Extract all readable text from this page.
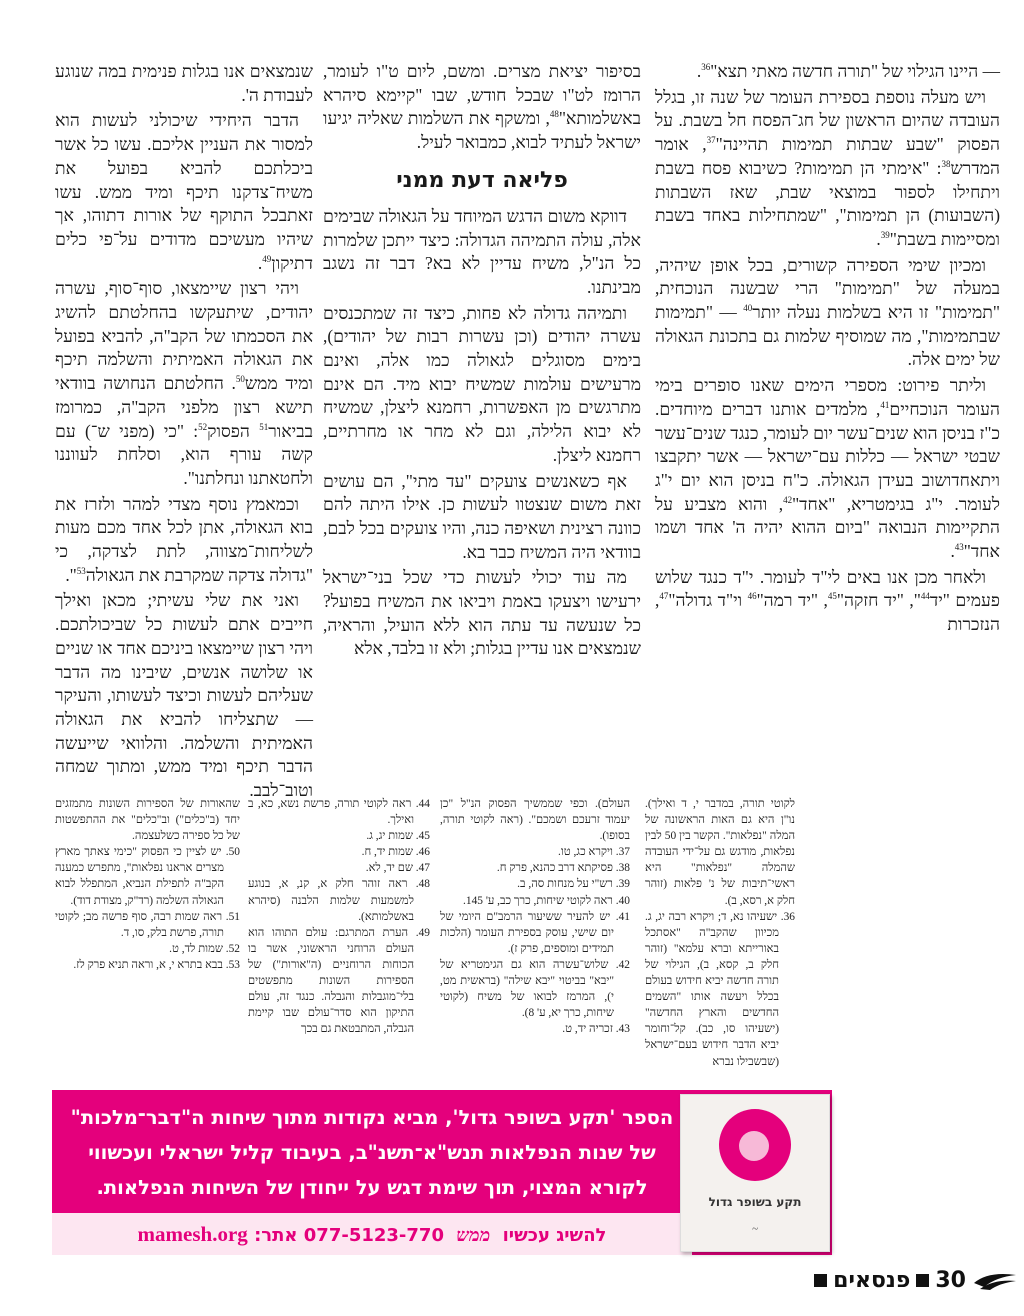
— היינו הגילוי של "תורה חדשה מאתי תצא"$^{36}$.

ויש מעלה נוספת בספירת העומר של שנה זו, בגלל העובדה שהיום הראשון של חג־הפסח חל בשבת. על הפסוק "שבע שבתות תמימות תהיינה"$^{37}$, אומר המדרש$^{38}$: "אימתי הן תמימות? כשיבוא פסח בשבת ויתחילו לספור במוצאי שבת, שאז השבתות (השבועות) הן תמימות", "שמתחילות באחד בשבת ומסיימות בשבת"$^{39}$.

ומכיון שימי הספירה קשורים, בכל אופן שיהיה, במעלה של "תמימות" הרי שבשנה הנוכחית, "תמימות" זו היא בשלמות נעלה יותר$^{40}$ — "תמימות שבתמימות", מה שמוסיף שלמות גם בתכונת הגאולה של ימים אלה.

וליתר פירוט: מספרי הימים שאנו סופרים בימי העומר הנוכחיים$^{41}$, מלמדים אותנו דברים מיוחדים. כ"ז בניסן הוא שנים־עשר יום לעומר, כנגד שנים־עשר שבטי ישראל — כללות עם־ישראל — אשר יתקבצו ויתאחדושוב בעידן הגאולה. כ"ח בניסן הוא יום י"ג לעומר. י"ג בגימטריא, "אחד"$^{42}$, והוא מצביע על התקיימות הנבואה "ביום ההוא יהיה ה' אחד ושמו אחד"$^{43}$.

ולאחר מכן אנו באים לי"ד לעומר. י"ד כנגד שלוש פעמים "יד$^{44}$", "יד חזקה"$^{45}$, "יד רמה"$^{46}$ וי"ד גדולה"$^{47}$, הנזכרות

בסיפור יציאת מצרים. ומשם, ליום ט"ו לעומר, הרומז לט"ו שבכל חודש, שבו "קיימא סיהרא באשלמותא"$^{48}$, ומשקף את השלמות שאליה יגיעו ישראל לעתיד לבוא, כמבואר לעיל.

פליאה דעת ממני

דווקא משום הדגש המיוחד על הגאולה שבימים אלה, עולה התמיהה הגדולה: כיצד ייתכן שלמרות כל הנ"ל, משיח עדיין לא בא? דבר זה נשגב מבינתנו.

ותמיהה גדולה לא פחות, כיצד זה שמתכנסים עשרה יהודים (וכן עשרות רבות של יהודים), בימים מסוגלים לגאולה כמו אלה, ואינם מרעישים עולמות שמשיח יבוא מיד. הם אינם מתרגשים מן האפשרות, רחמנא ליצלן, שמשיח לא יבוא הלילה, וגם לא מחר או מחרתיים, רחמנא ליצלן.

אף כשאנשים צועקים "עד מתי", הם עושים זאת משום שנצטוו לעשות כן. אילו היתה להם כוונה רצינית ושאיפה כנה, והיו צועקים בכל לבם, בוודאי היה המשיח כבר בא.

מה עוד יכולי לעשות כדי שכל בני־ישראל ירעישו ויצעקו באמת ויביאו את המשיח בפועל? כל שנעשה עד עתה הוא ללא הועיל, והראיה, שנמצאים אנו עדיין בגלות; ולא זו בלבד, אלא

שנמצאים אנו בגלות פנימית במה שנוגע לעבודת ה'.

הדבר היחידי שיכולני לעשות הוא למסור את העניין אליכם. עשו כל אשר ביכלתכם להביא בפועל את משיח־צדקנו תיכף ומיד ממש. עשו זאתבכל התוקף של אורות דתוהו, אך שיהיו מעשיכם מדודים על־פי כלים דתיקון$^{49}$.

ויהי רצון שיימצאו, סוף־סוף, עשרה יהודים, שיתעקשו בהחלטתם להשיג את הסכמתו של הקב"ה, להביא בפועל את הגאולה האמיתית והשלמה תיכף ומיד ממש$^{50}$. החלטתם הנחושה בוודאי תישא רצון מלפני הקב"ה, כמרומז בביאור$^{51}$ הפסוק$^{52}$: "כי (מפני ש־) עם קשה עורף הוא, וסלחת לעווננו ולחטאתנו ונחלתנו".

וכמאמץ נוסף מצדי למהר ולזרז את בוא הגאולה, אתן לכל אחד מכם מעות לשליחות־מצווה, לתת לצדקה, כי "גדולה צדקה שמקרבת את הגאולה$^{53}$".

ואני את שלי עשיתי; מכאן ואילך חייבים אתם לעשות כל שביכולתכם. ויהי רצון שיימצאו ביניכם אחד או שניים או שלושה אנשים, שיבינו מה הדבר שעליהם לעשות וכיצד לעשותו, והעיקר — שתצליחו להביא את הגאולה האמיתית והשלמה. והלוואי שייעשה הדבר תיכף ומיד ממש, ומתוך שמחה וטוב־לבב.

לקוטי תורה, במדבר י, ד ואילך). נו"ן היא גם האות הראשונה של המלה "נפלאות". הקשר בין 50 לבין נפלאות, מודגש גם על־ידי העובדה שהמלה "נפלאות" היא ראשי־תיבות של נ' פלאות (זוהר חלק א, רסא, ב).
36. ישעיהו נא, ד; ויקרא רבה יג, ג. מכיוון שהקב"ה "אסתכל באורייתא וברא עלמא" (זוהר חלק ב, קסא, ב), הגילוי של תורה חדשה יביא חידוש בעולם בכלל ויעשה אותו "השמים החדשים והארץ החדשה" (ישעיהו סו, כב). קל־וחומר יביא הדבר חידוש בעם־ישראל (שבשבילו נברא
העולם). וכפי שממשיך הפסוק הנ"ל "כן יעמוד זרעכם ושמכם". (ראה לקוטי תורה, בסופו).
37. ויקרא כג, טו.
38. פסיקתא דרב כהנא, פרק ח.
39. רש"י על מנחות סה, ב.
40. ראה לקוטי שיחות, כרך כב, ע' 145.
41. יש להעיר ששיעור הרמב"ם היומי של יום שישי, עוסק בספירת העומר (הלכות תמידים ומוספים, פרק ז).
42. שלוש־עשרה הוא גם הגימטריא של "יבא" בביטוי "יבא שילה" (בראשית מט, י), המרמז לבואו של משיח (לקוטי שיחות, כרך יא, ע' 8).
43. זכריה יד, ט.
44. ראה לקוטי תורה, פרשת נשא, כא, ב ואילך.
45. שמות יג, ג.
46. שמות יד, ח.
47. שם יד, לא.
48. ראה זוהר חלק א, קנ, א, בנוגע למשמעות שלמות הלבנה (סיהרא באשלמותא).
49. הערת המתרגם: עולם התוהו הוא העולם הרוחני הראשוני, אשר בו הכוחות הרוחניים (ה"אורות") של הספירות השונות מתפשטים בלי־מוגבלות והגבלה. כנגד זה, עולם התיקון הוא סדר־עולם שבו קיימת הגבלה, המתבטאת גם בכך
שהאורות של הספירות השונות מתמזגים יחד (ב"כלים") וב"כלים" את ההתפשטות של כל ספירה כשלעצמה.
50. יש לציין כי הפסוק "כימי צאתך מארץ מצרים אראנו נפלאות", מתפרש כמענה הקב"ה לתפילת הנביא, המתפלל לבוא הגאולה השלמה (רד"ק, מצודת דוד).
51. ראה שמות רבה, סוף פרשה מב; לקוטי תורה, פרשת בלק, סו, ד.
52. שמות לד, ט.
53. בבא בתרא י, א, וראה תניא פרק לז.
הספר 'תקע בשופר גדול', מביא נקודות מתוך שיחות ה"דבר־מלכות"
של שנות הנפלאות תנש"א־תשנ"ב, בעיבוד קליל ישראלי ועכשווי
לקורא המצוי, תוך שימת דגש על ייחודן של השיחות הנפלאות.
להשיג עכשיו ממש 077-5123-770 אתר: mamesh.org
תקע בשופר גדול
~
30
פנסאים
